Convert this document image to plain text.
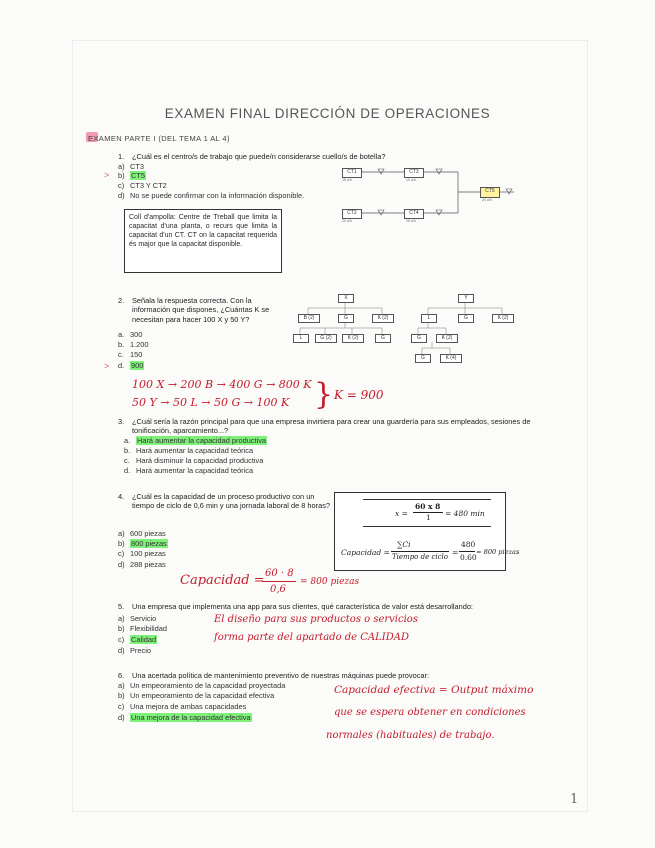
EXAMEN FINAL DIRECCIÓN DE OPERACIONES
EXAMEN PARTE I (DEL TEMA 1 AL 4)
1. ¿Cuál es el centro/s de trabajo que puede/n considerarse cuello/s de botella?
>
a) CT3
b) CT5
c) CT3 Y CT2
d) No se puede confirmar con la información disponible.
Coll d'ampolla: Centre de Treball que limita la capacitat d'una planta, o recurs que limita la capacitat d'un CT. CT on la capacitat requerida és major que la capacitat disponible.
CT1
15 u/h
CT3
10 u/h
CT2
20 u/h
CT4
15 u/h
CT5
20 u/h
2. Señala la respuesta correcta. Con la información que dispones, ¿Cuántas K se necesitan para hacer 100 X y 50 Y?
>
a. 300
b. 1.200
c. 150
d. 900
X
B (2)	G	K (2)
L	G (2)	K (2)	G
Y
L	G	K (2)
G	K (2)
G	K (4)
100 X → 200 B → 400 G → 800 K
50 Y → 50 L → 50 G → 100 K } K = 900
3. ¿Cuál sería la razón principal para que una empresa invirtiera para crear una guardería para sus empleados, sesiones de tonificación, aparcamiento...?
a. Hará aumentar la capacidad productiva
b. Hará aumentar la capacidad teórica
c. Hará disminuir la capacidad productiva
d. Hará aumentar la capacidad teórica
4. ¿Cuál es la capacidad de un proceso productivo con un tiempo de ciclo de 0,6 min y una jornada laboral de 8 horas?
a) 600 piezas
b) 800 piezas
c) 100 piezas
d) 288 piezas
x =
60 x 8
1 = 480 min
Capacidad =
∑Ci
Tiempo de ciclo =
480
0.60
= 800 piezas
Capacidad = 60 · 8
0,6
= 800 piezas
5. Una empresa que implementa una app para sus clientes, qué característica de valor está desarrollando:
a) Servicio
b) Flexibilidad
c) Calidad
d) Precio
El diseño para sus productos o servicios
forma parte del apartado de CALIDAD
6. Una acertada política de mantenimiento preventivo de nuestras máquinas puede provocar:
a) Un empeoramiento de la capacidad proyectada
b) Un empeoramiento de la capacidad efectiva
c) Una mejora de ambas capacidades
d) Una mejora de la capacidad efectiva
Capacidad efectiva = Output máximo
que se espera obtener en condiciones
normales (habituales) de trabajo.
1
